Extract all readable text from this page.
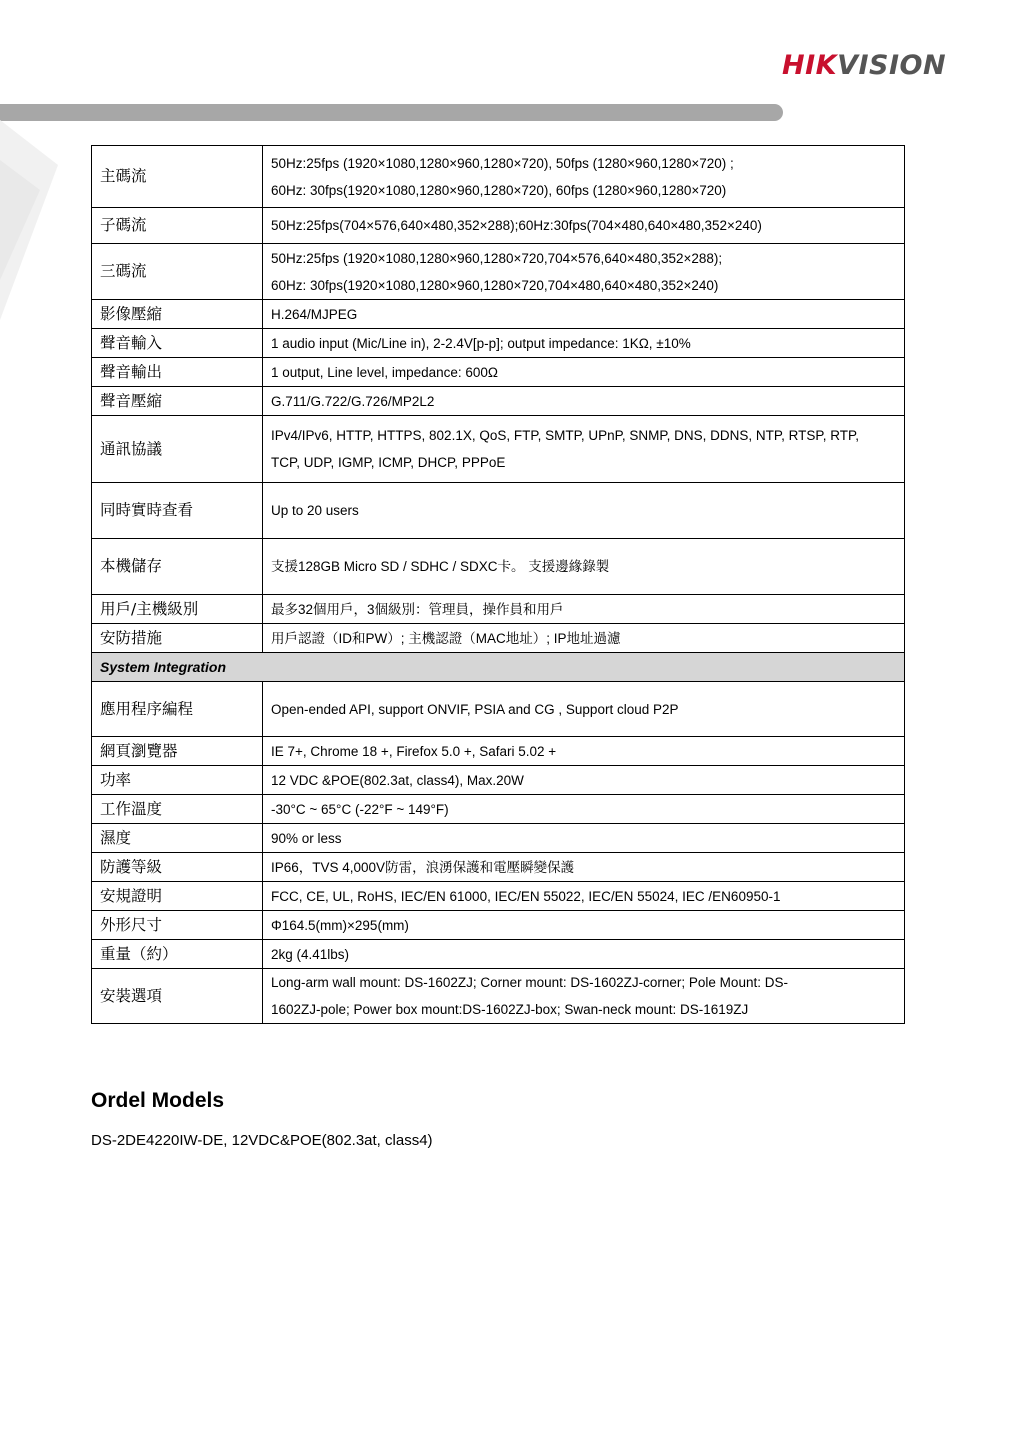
HIKVISION
主碼流	50Hz:25fps (1920×1080,1280×960,1280×720), 50fps (1280×960,1280×720) ;
60Hz: 30fps(1920×1080,1280×960,1280×720), 60fps (1280×960,1280×720)

子碼流	50Hz:25fps(704×576,640×480,352×288);60Hz:30fps(704×480,640×480,352×240)

三碼流	50Hz:25fps (1920×1080,1280×960,1280×720,704×576,640×480,352×288);
60Hz: 30fps(1920×1080,1280×960,1280×720,704×480,640×480,352×240)

影像壓縮	H.264/MJPEG

聲音輸入	1 audio input (Mic/Line in), 2-2.4V[p-p]; output impedance: 1KΩ, ±10%

聲音輸出	1 output, Line level, impedance: 600Ω

聲音壓縮	G.711/G.722/G.726/MP2L2

通訊協議	IPv4/IPv6, HTTP, HTTPS, 802.1X, QoS, FTP, SMTP, UPnP, SNMP, DNS, DDNS, NTP, RTSP, RTP,
TCP, UDP, IGMP, ICMP, DHCP, PPPoE

同時實時查看	Up to 20 users

本機儲存	支援128GB Micro SD / SDHC / SDXC卡。 支援邊緣錄製

用戶/主機級別	最多32個用戶，3個級別：管理員，操作員和用戶

安防措施	用戶認證（ID和PW）; 主機認證（MAC地址）; IP地址過濾

System Integration	
應用程序編程	Open-ended API, support ONVIF, PSIA and CG , Support cloud P2P

網頁瀏覽器	IE 7+, Chrome 18 +, Firefox 5.0 +, Safari 5.02 +

功率	12 VDC &POE(802.3at, class4), Max.20W

工作溫度	-30°C ~ 65°C (-22°F ~ 149°F)

濕度	90% or less

防護等級	IP66，TVS 4,000V防雷，浪湧保護和電壓瞬變保護

安規證明	FCC, CE, UL, RoHS, IEC/EN 61000, IEC/EN 55022, IEC/EN 55024, IEC /EN60950-1

外形尺寸	Φ164.5(mm)×295(mm)

重量（約）	2kg (4.41lbs)

安裝選項	Long-arm wall mount: DS-1602ZJ; Corner mount: DS-1602ZJ-corner; Pole Mount: DS-
1602ZJ-pole; Power box mount:DS-1602ZJ-box; Swan-neck mount: DS-1619ZJ
Ordel Models
DS-2DE4220IW-DE, 12VDC&POE(802.3at, class4)
